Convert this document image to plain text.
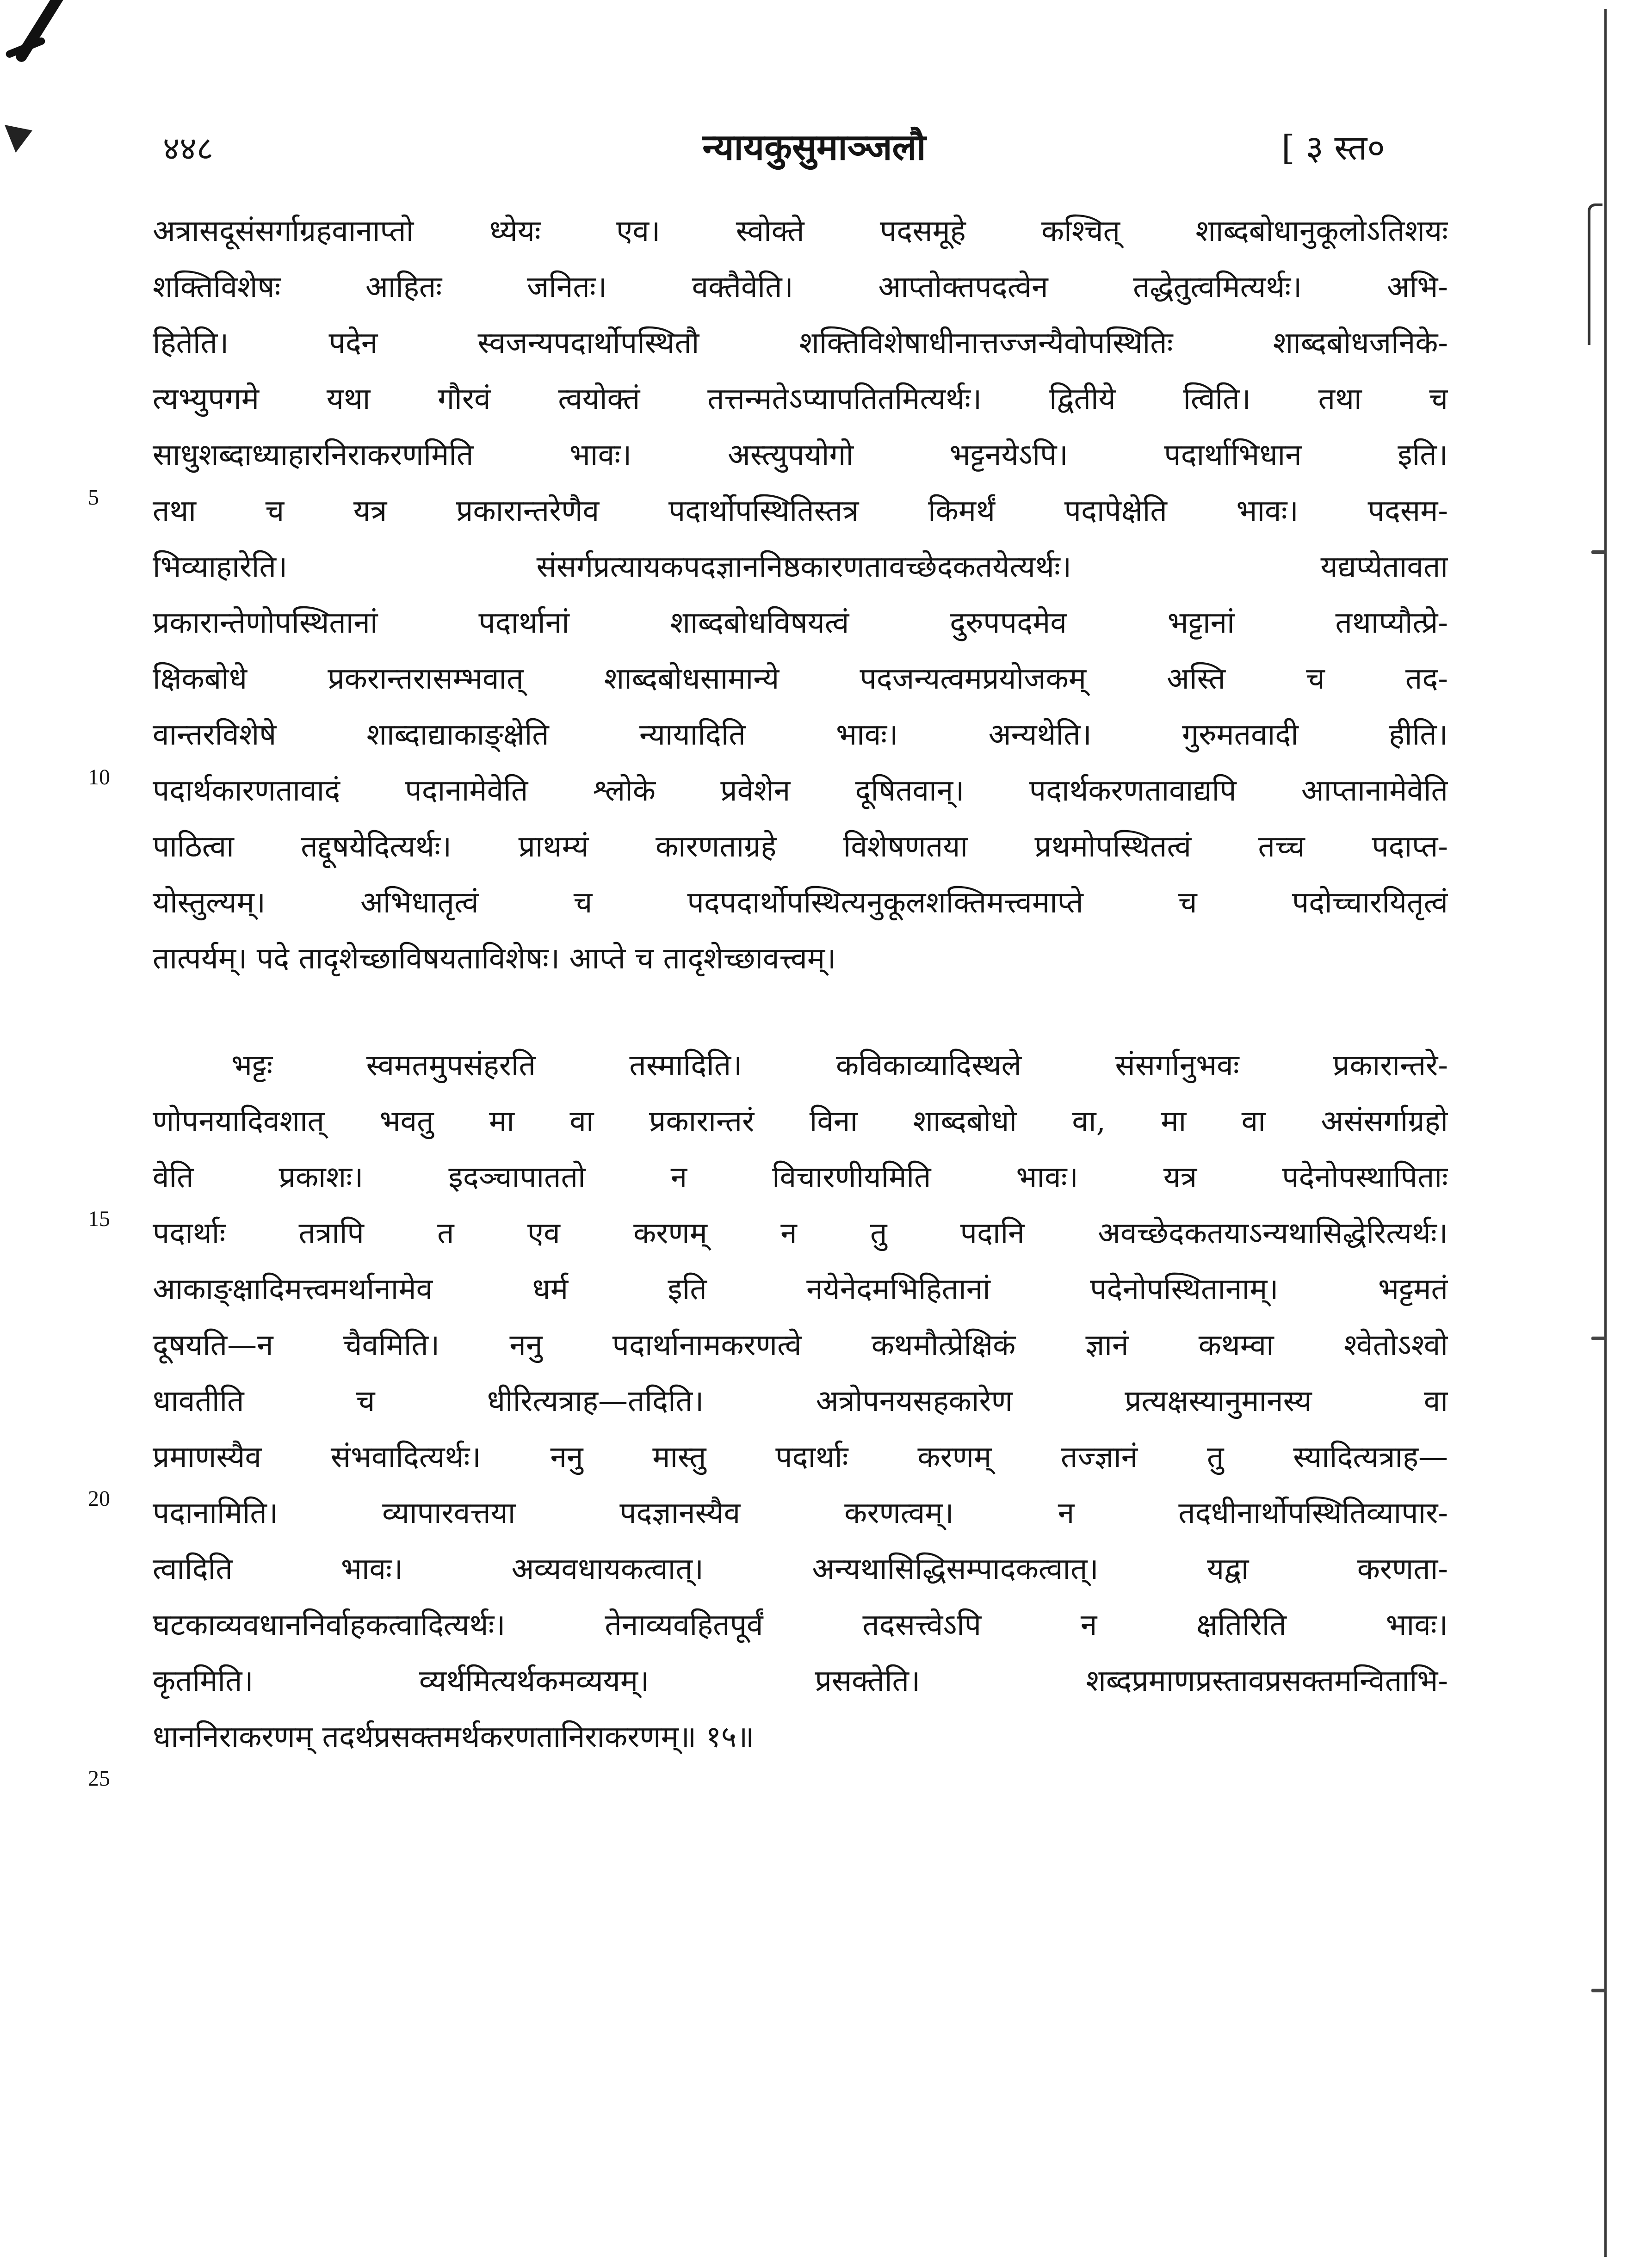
४४८	न्यायकुसुमाञ्जलौ	[ ३ स्त०
5
10
15
20
25
अत्रासदूसंसर्गाग्रहवानाप्तो ध्येयः एव। स्वोक्ते पदसमूहे कश्चित् शाब्दबोधानुकूलोऽतिशयः
शक्तिविशेषः आहितः जनितः। वक्तैवेति। आप्तोक्तपदत्वेन तद्धेतुत्वमित्यर्थः। अभि-
हितेति। पदेन स्वजन्यपदार्थोपस्थितौ शक्तिविशेषाधीनात्तज्जन्यैवोपस्थितिः शाब्दबोधजनिके-
त्यभ्युपगमे यथा गौरवं त्वयोक्तं तत्तन्मतेऽप्यापतितमित्यर्थः। द्वितीये त्विति। तथा च
साधुशब्दाध्याहारनिराकरणमिति भावः। अस्त्युपयोगो भट्टनयेऽपि। पदार्थाभिधान इति।
तथा च यत्र प्रकारान्तरेणैव पदार्थोपस्थितिस्तत्र किमर्थं पदापेक्षेति भावः। पदसम-
भिव्याहारेति। संसर्गप्रत्यायकपदज्ञाननिष्ठकारणतावच्छेदकतयेत्यर्थः। यद्यप्येतावता
प्रकारान्तेणोपस्थितानां पदार्थानां शाब्दबोधविषयत्वं दुरुपपदमेव भट्टानां तथाप्यौत्प्रे-
क्षिकबोधे प्रकरान्तरासम्भवात् शाब्दबोधसामान्ये पदजन्यत्वमप्रयोजकम् अस्ति च तद-
वान्तरविशेषे शाब्दाद्याकाङ्क्षेति न्यायादिति भावः। अन्यथेति। गुरुमतवादी हीति।
पदार्थकारणतावादं पदानामेवेति श्लोके प्रवेशेन दूषितवान्। पदार्थकरणतावाद्यपि आप्तानामेवेति
पाठित्वा तद्दूषयेदित्यर्थः। प्राथम्यं कारणताग्रहे विशेषणतया प्रथमोपस्थितत्वं तच्च पदाप्त-
योस्तुल्यम्। अभिधातृत्वं च पदपदार्थोपस्थित्यनुकूलशक्तिमत्त्वमाप्ते च पदोच्चारयितृत्वं
तात्पर्यम्। पदे तादृशेच्छाविषयताविशेषः। आप्ते च तादृशेच्छावत्त्वम्।
भट्टः स्वमतमुपसंहरति तस्मादिति। कविकाव्यादिस्थले संसर्गानुभवः प्रकारान्तरे-
णोपनयादिवशात् भवतु मा वा प्रकारान्तरं विना शाब्दबोधो वा, मा वा असंसर्गाग्रहो
वेति प्रकाशः। इदञ्चापाततो न विचारणीयमिति भावः। यत्र पदेनोपस्थापिताः
पदार्थाः तत्रापि त एव करणम् न तु पदानि अवच्छेदकतयाऽन्यथासिद्धेरित्यर्थः।
आकाङ्क्षादिमत्त्वमर्थानामेव धर्म इति नयेनेदमभिहितानां पदेनोपस्थितानाम्। भट्टमतं
दूषयति—न चैवमिति। ननु पदार्थानामकरणत्वे कथमौत्प्रेक्षिकं ज्ञानं कथम्वा श्वेतोऽश्वो
धावतीति च धीरित्यत्राह—तदिति। अत्रोपनयसहकारेण प्रत्यक्षस्यानुमानस्य वा
प्रमाणस्यैव संभवादित्यर्थः। ननु मास्तु पदार्थाः करणम् तज्ज्ञानं तु स्यादित्यत्राह—
पदानामिति। व्यापारवत्तया पदज्ञानस्यैव करणत्वम्। न तदधीनार्थोपस्थितिव्यापार-
त्वादिति भावः। अव्यवधायकत्वात्। अन्यथासिद्धिसम्पादकत्वात्। यद्वा करणता-
घटकाव्यवधाननिर्वाहकत्वादित्यर्थः। तेनाव्यवहितपूर्वं तदसत्त्वेऽपि न क्षतिरिति भावः।
कृतमिति। व्यर्थमित्यर्थकमव्ययम्। प्रसक्तेति। शब्दप्रमाणप्रस्तावप्रसक्तमन्विताभि-
धाननिराकरणम् तदर्थप्रसक्तमर्थकरणतानिराकरणम्॥ १५॥
